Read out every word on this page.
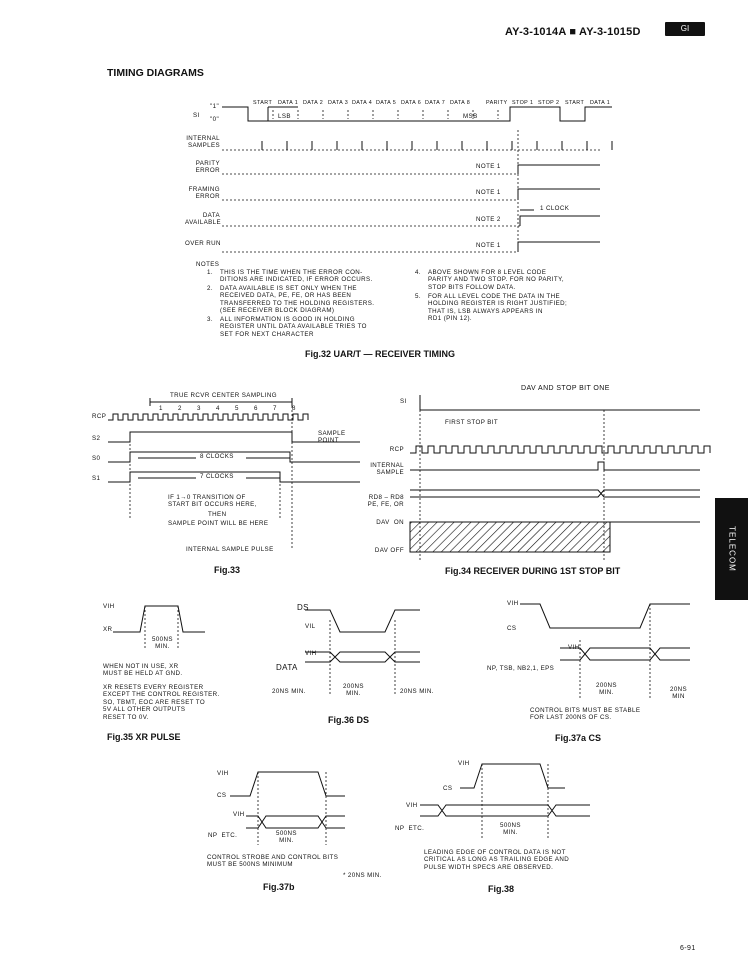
AY-3-1014A ■ AY-3-1015D	GI
TELECOM
TIMING DIAGRAMS
SI
"1"
"0"
START DATA 1 DATA 2 DATA 3 DATA 4 DATA 5 DATA 6 DATA 7 DATA 8	PARITY STOP 1 STOP 2 START DATA 1
LSB	MSB
INTERNAL
SAMPLES
PARITY
ERROR
FRAMING
ERROR
DATA
AVAILABLE
OVER RUN
NOTE 1
NOTE 1
NOTE 2
NOTE 1
1 CLOCK
NOTES
1. THIS IS THE TIME WHEN THE ERROR CON-
DITIONS ARE INDICATED, IF ERROR OCCURS.
2. DATA AVAILABLE IS SET ONLY WHEN THE
RECEIVED DATA, PE, FE, OR HAS BEEN
TRANSFERRED TO THE HOLDING REGISTERS.
(SEE RECEIVER BLOCK DIAGRAM)
3. ALL INFORMATION IS GOOD IN HOLDING
REGISTER UNTIL DATA AVAILABLE TRIES TO
SET FOR NEXT CHARACTER
4. ABOVE SHOWN FOR 8 LEVEL CODE
PARITY AND TWO STOP. FOR NO PARITY,
STOP BITS FOLLOW DATA.
5. FOR ALL LEVEL CODE THE DATA IN THE
HOLDING REGISTER IS RIGHT JUSTIFIED;
THAT IS, LSB ALWAYS APPEARS IN
RD1 (PIN 12).
Fig.32 UAR/T — RECEIVER TIMING
TRUE RCVR CENTER SAMPLING
1 2 3 4 5 6 7 8
RCP
S2
S0
S1
SAMPLE
POINT
8 CLOCKS
7 CLOCKS
IF 1→0 TRANSITION OF
START BIT OCCURS HERE,
THEN
SAMPLE POINT WILL BE HERE
INTERNAL SAMPLE PULSE
Fig.33
DAV AND STOP BIT ONE
SI
FIRST STOP BIT
RCP
INTERNAL
SAMPLE
RD8 – RD8
PE, FE, OR
DAV  ON
DAV OFF
Fig.34 RECEIVER DURING 1ST STOP BIT
VIH
XR
500NS
MIN.
WHEN NOT IN USE, XR
MUST BE HELD AT GND.
XR RESETS EVERY REGISTER
EXCEPT THE CONTROL REGISTER.
SO, TBMT, EOC ARE RESET TO
5V ALL OTHER OUTPUTS
RESET TO 0V.
Fig.35 XR PULSE
DS
VIL
VIH
DATA
20NS MIN.
200NS
MIN.	20NS MIN.
Fig.36 DS
VIH
CS
VIH
NP, TSB, NB2,1, EPS
200NS
MIN.	20NS
MIN
CONTROL BITS MUST BE STABLE
FOR LAST 200NS OF CS.
Fig.37a CS
VIH
CS
VIH
NP  ETC.	500NS
MIN.
CONTROL STROBE AND CONTROL BITS
MUST BE 500NS MINIMUM
* 20NS MIN.
Fig.37b
VIH
CS
VIH
NP  ETC.	500NS
MIN.
LEADING EDGE OF CONTROL DATA IS NOT
CRITICAL AS LONG AS TRAILING EDGE AND
PULSE WIDTH SPECS ARE OBSERVED.
Fig.38
6-91
